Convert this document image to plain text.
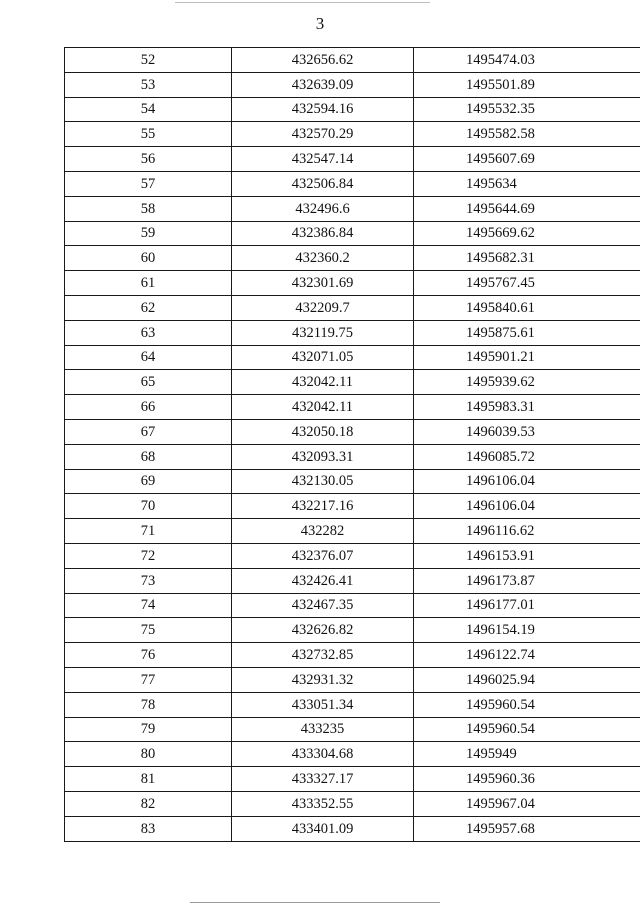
3
52	432656.62	1495474.03
53	432639.09	1495501.89
54	432594.16	1495532.35
55	432570.29	1495582.58
56	432547.14	1495607.69
57	432506.84	1495634
58	432496.6	1495644.69
59	432386.84	1495669.62
60	432360.2	1495682.31
61	432301.69	1495767.45
62	432209.7	1495840.61
63	432119.75	1495875.61
64	432071.05	1495901.21
65	432042.11	1495939.62
66	432042.11	1495983.31
67	432050.18	1496039.53
68	432093.31	1496085.72
69	432130.05	1496106.04
70	432217.16	1496106.04
71	432282	1496116.62
72	432376.07	1496153.91
73	432426.41	1496173.87
74	432467.35	1496177.01
75	432626.82	1496154.19
76	432732.85	1496122.74
77	432931.32	1496025.94
78	433051.34	1495960.54
79	433235	1495960.54
80	433304.68	1495949
81	433327.17	1495960.36
82	433352.55	1495967.04
83	433401.09	1495957.68
